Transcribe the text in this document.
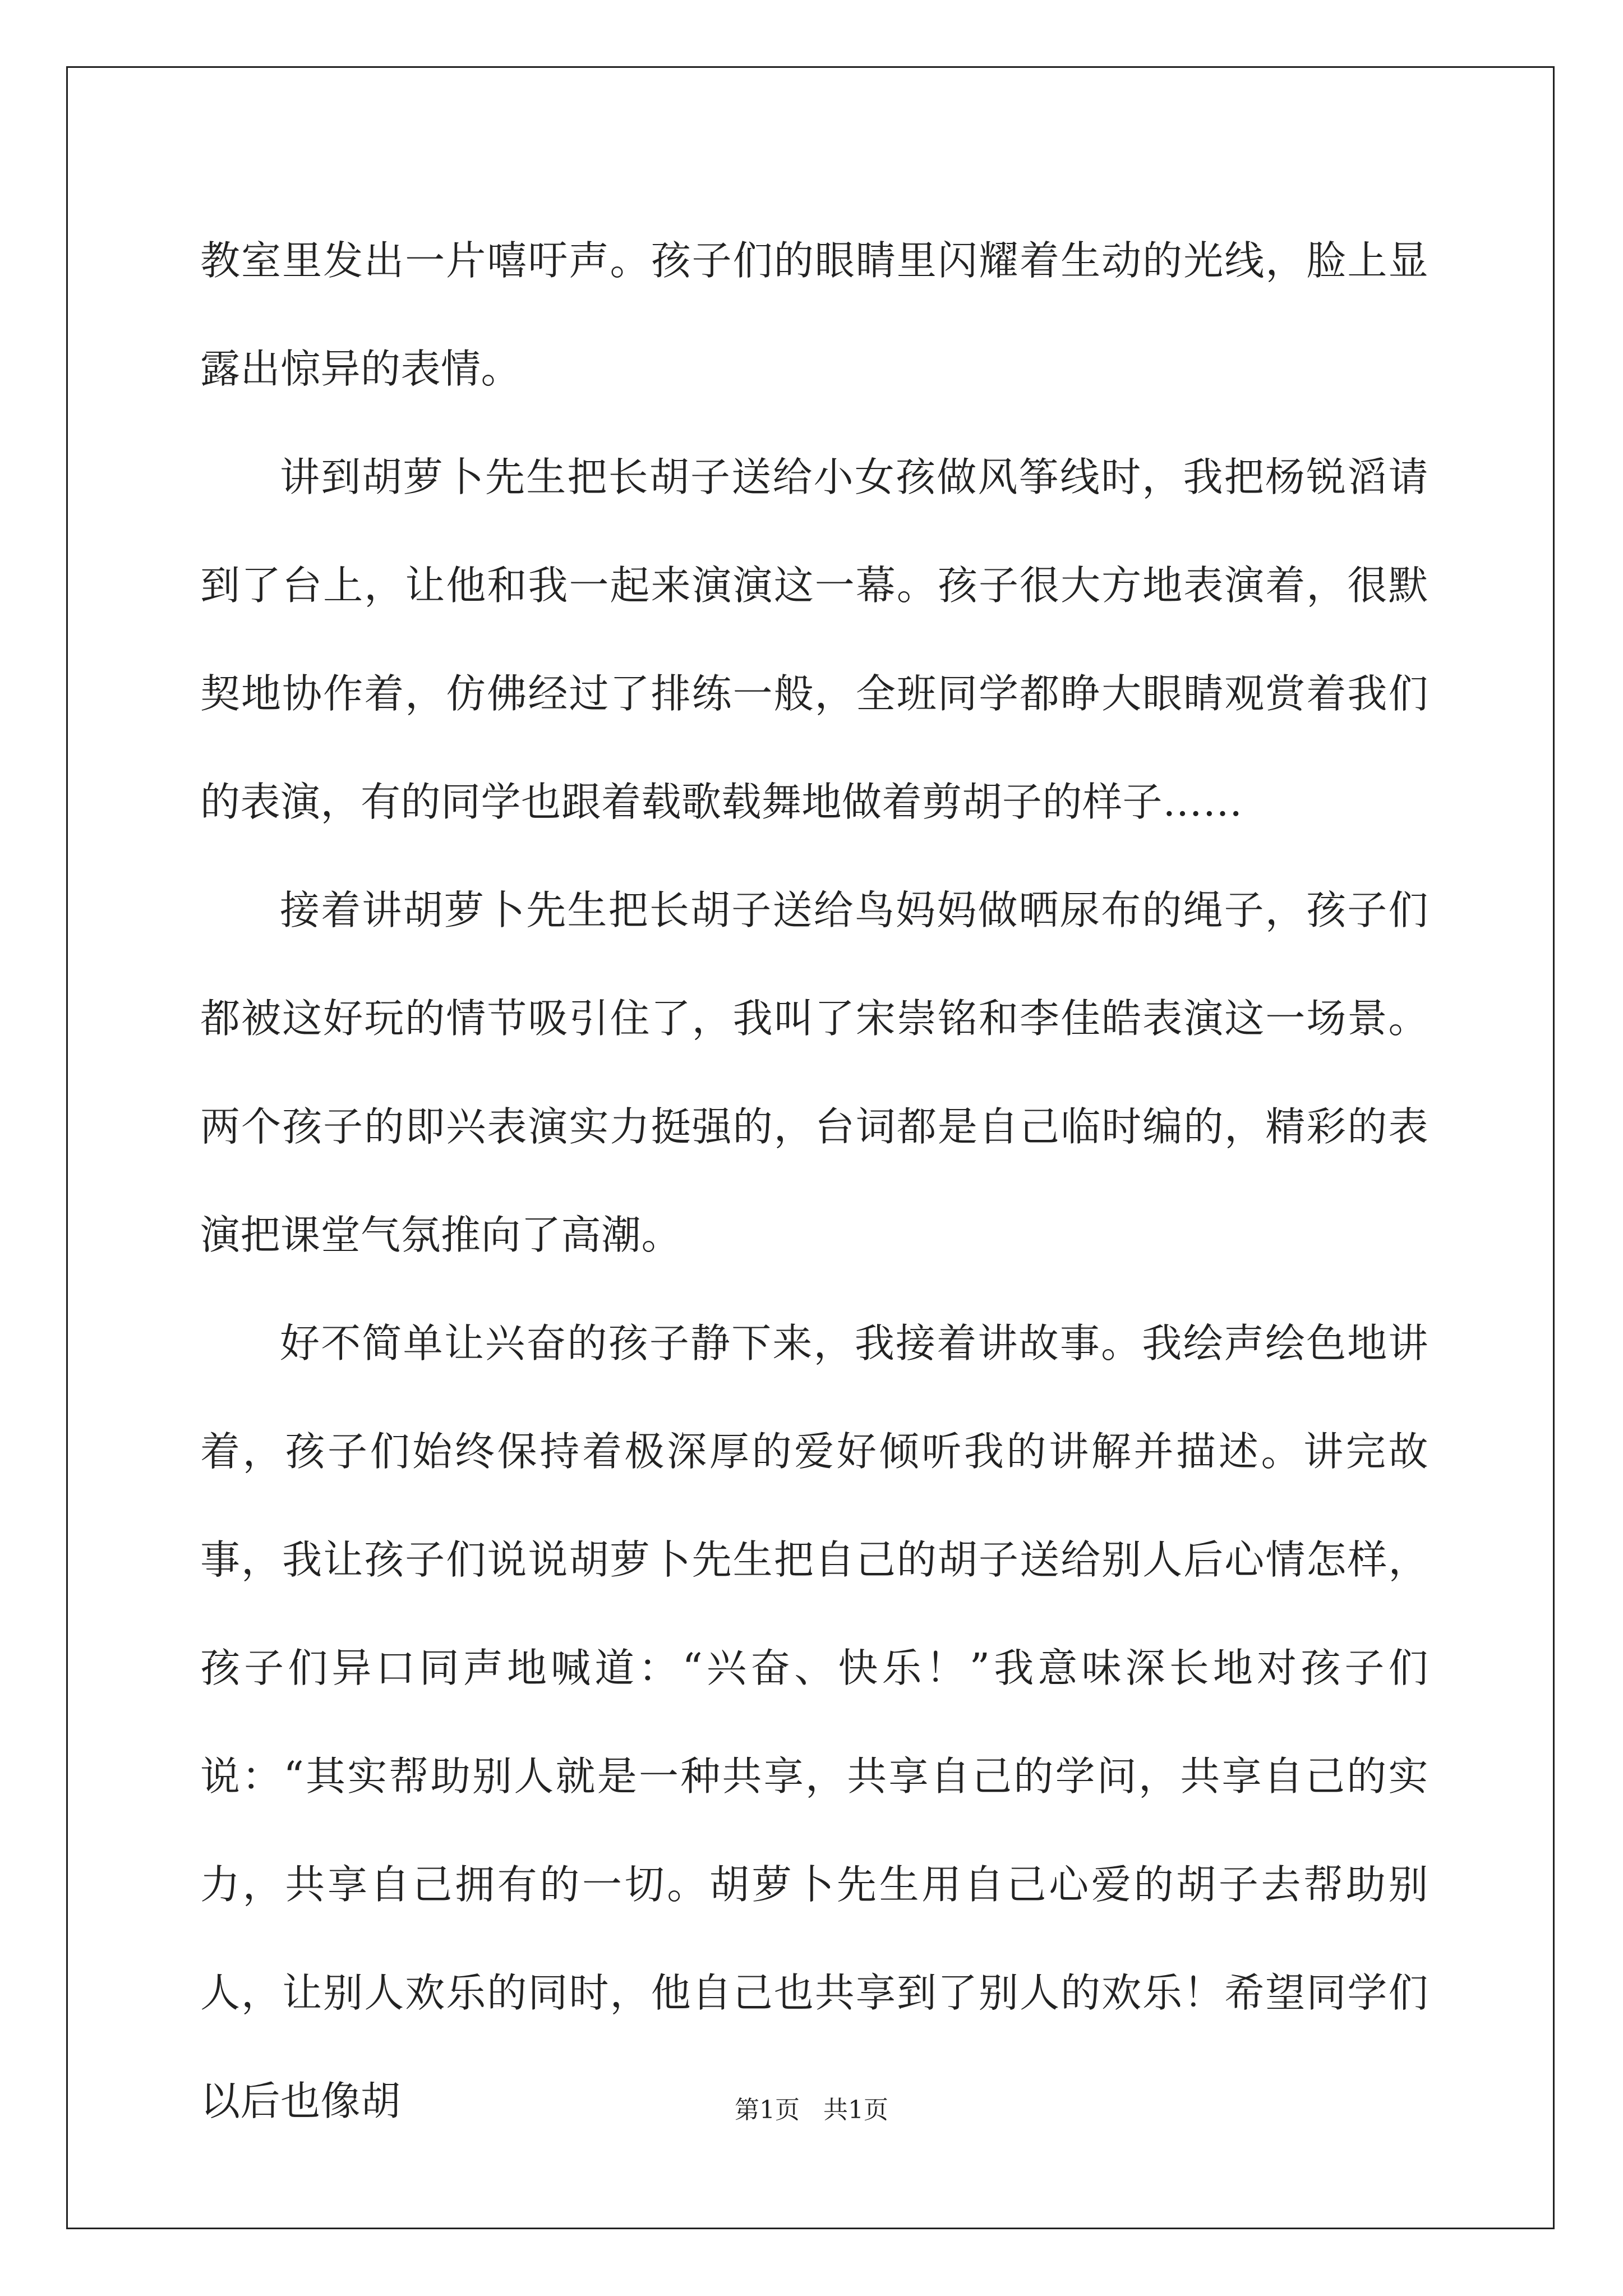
教室里发出一片嘻吁声。孩子们的眼睛里闪耀着生动的光线，脸上显露出惊异的表情。

讲到胡萝卜先生把长胡子送给小女孩做风筝线时，我把杨锐滔请到了台上，让他和我一起来演演这一幕。孩子很大方地表演着，很默契地协作着，仿佛经过了排练一般，全班同学都睁大眼睛观赏着我们的表演，有的同学也跟着载歌载舞地做着剪胡子的样子……

接着讲胡萝卜先生把长胡子送给鸟妈妈做晒尿布的绳子，孩子们都被这好玩的情节吸引住了，我叫了宋崇铭和李佳皓表演这一场景。两个孩子的即兴表演实力挺强的，台词都是自己临时编的，精彩的表演把课堂气氛推向了高潮。

好不简单让兴奋的孩子静下来，我接着讲故事。我绘声绘色地讲着，孩子们始终保持着极深厚的爱好倾听我的讲解并描述。讲完故事，我让孩子们说说胡萝卜先生把自己的胡子送给别人后心情怎样，孩子们异口同声地喊道：“兴奋、快乐！”我意味深长地对孩子们说：“其实帮助别人就是一种共享，共享自己的学问，共享自己的实力，共享自己拥有的一切。胡萝卜先生用自己心爱的胡子去帮助别人，让别人欢乐的同时，他自己也共享到了别人的欢乐！希望同学们以后也像胡	第1页   共1页
